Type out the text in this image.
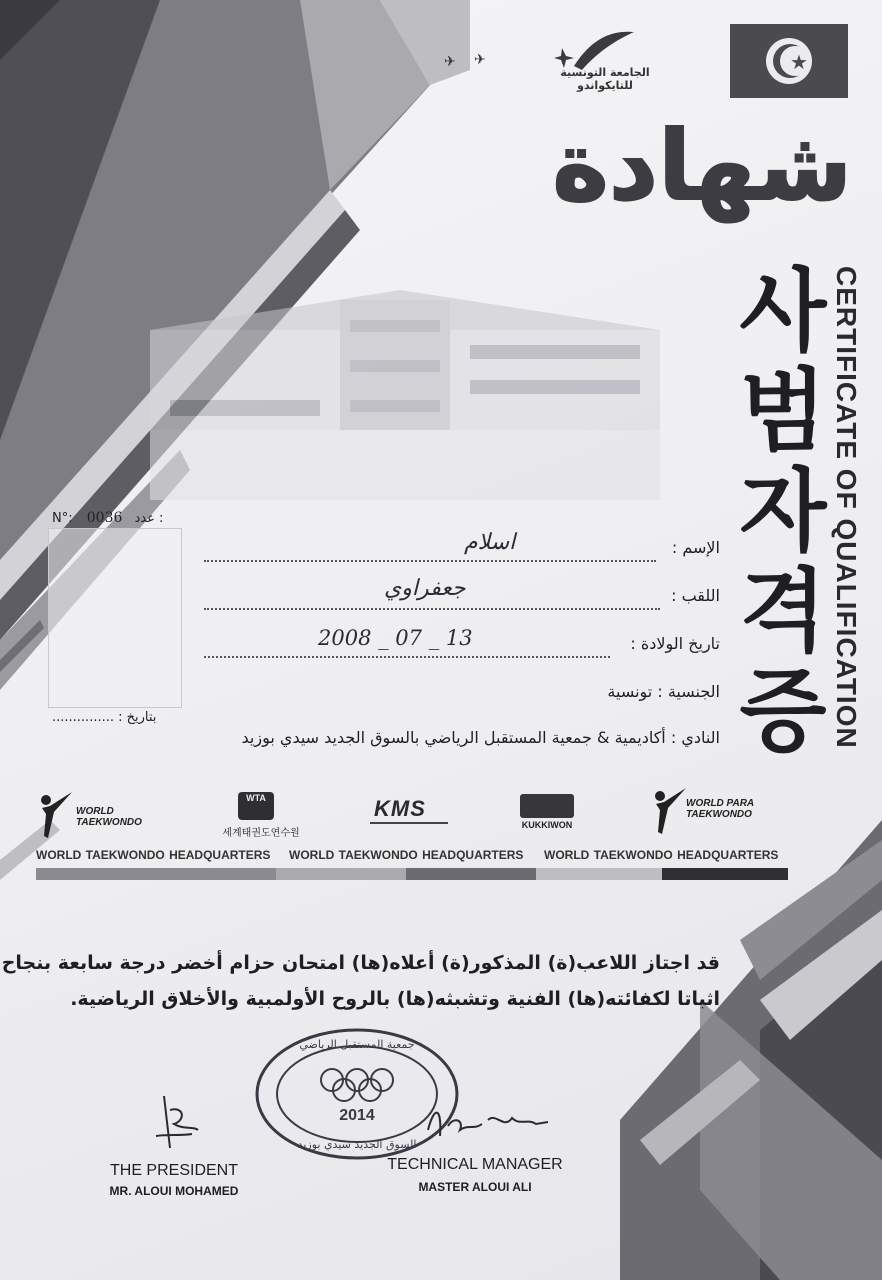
✈ ✈
الجامعة التونسية للتايكواندو
★
شهادة
사
범
자
격
증 CERTIFICATE OF QUALIFICATION
N°: 0036 : عدد
بتاريخ : ...............
الإسم :
اسلام
اللقب :
جعفراوي
تاريخ الولادة :
2008 _ 07 _ 13
الجنسية : تونسية
النادي : أكاديمية & جمعية المستقبل الرياضي بالسوق الجديد سيدي بوزيد
WORLD TAEKWONDO
WTA
세계태권도연수원
KMS
KUKKIWON
WORLD PARA TAEKWONDO
WORLD TAEKWONDO HEADQUARTERS WORLD TAEKWONDO HEADQUARTERS WORLD TAEKWONDO HEADQUARTERS
قد اجتاز اللاعب(ة) المذكور(ة) أعلاه(ها) امتحان حزام أخضر درجة سابعة بنجاح
اثباتا لكفائته(ها) الفنية وتشبثه(ها) بالروح الأولمبية والأخلاق الرياضية.
2014
جمعية المستقبل الرياضي
السوق الجديد سيدي بوزيد
THE PRESIDENT
MR. ALOUI MOHAMED
TECHNICAL MANAGER
MASTER ALOUI ALI
